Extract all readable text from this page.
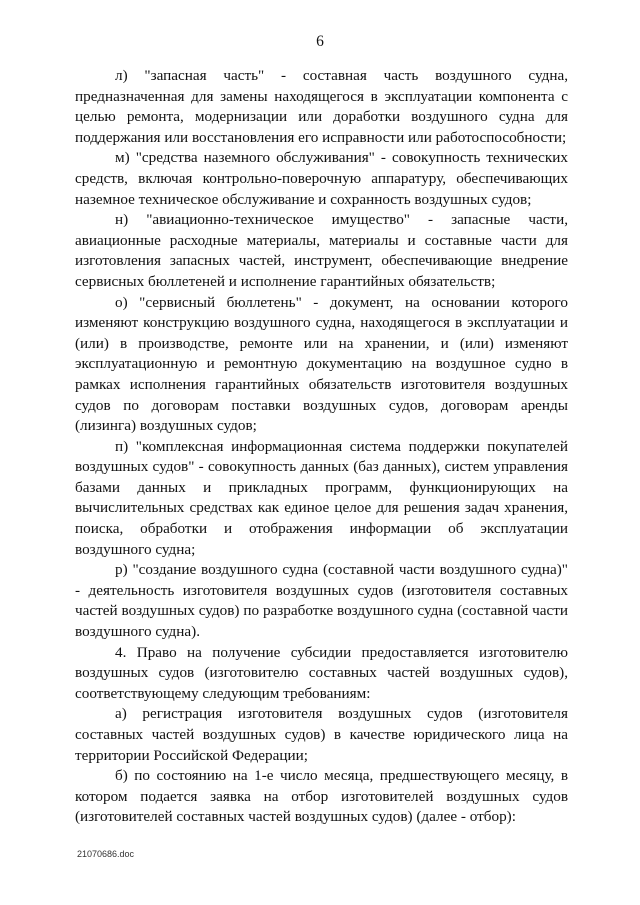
6

л) "запасная часть" - составная часть воздушного судна, предназначенная для замены находящегося в эксплуатации компонента с целью ремонта, модернизации или доработки воздушного судна для поддержания или восстановления его исправности или работоспособности;

м) "средства наземного обслуживания" - совокупность технических средств, включая контрольно-поверочную аппаратуру, обеспечивающих наземное техническое обслуживание и сохранность воздушных судов;

н) "авиационно-техническое имущество" - запасные части, авиационные расходные материалы, материалы и составные части для изготовления запасных частей, инструмент, обеспечивающие внедрение сервисных бюллетеней и исполнение гарантийных обязательств;

о) "сервисный бюллетень" - документ, на основании которого изменяют конструкцию воздушного судна, находящегося в эксплуатации и (или) в производстве, ремонте или на хранении, и (или) изменяют эксплуатационную и ремонтную документацию на воздушное судно в рамках исполнения гарантийных обязательств изготовителя воздушных судов по договорам поставки воздушных судов, договорам аренды (лизинга) воздушных судов;

п) "комплексная информационная система поддержки покупателей воздушных судов" - совокупность данных (баз данных), систем управления базами данных и прикладных программ, функционирующих на вычислительных средствах как единое целое для решения задач хранения, поиска, обработки и отображения информации об эксплуатации воздушного судна;

р) "создание воздушного судна (составной части воздушного судна)" - деятельность изготовителя воздушных судов (изготовителя составных частей воздушных судов) по разработке воздушного судна (составной части воздушного судна).

4. Право на получение субсидии предоставляется изготовителю воздушных судов (изготовителю составных частей воздушных судов), соответствующему следующим требованиям:

а) регистрация изготовителя воздушных судов (изготовителя составных частей воздушных судов) в качестве юридического лица на территории Российской Федерации;

б) по состоянию на 1-е число месяца, предшествующего месяцу, в котором подается заявка на отбор изготовителей воздушных судов (изготовителей составных частей воздушных судов) (далее - отбор):

21070686.doc
